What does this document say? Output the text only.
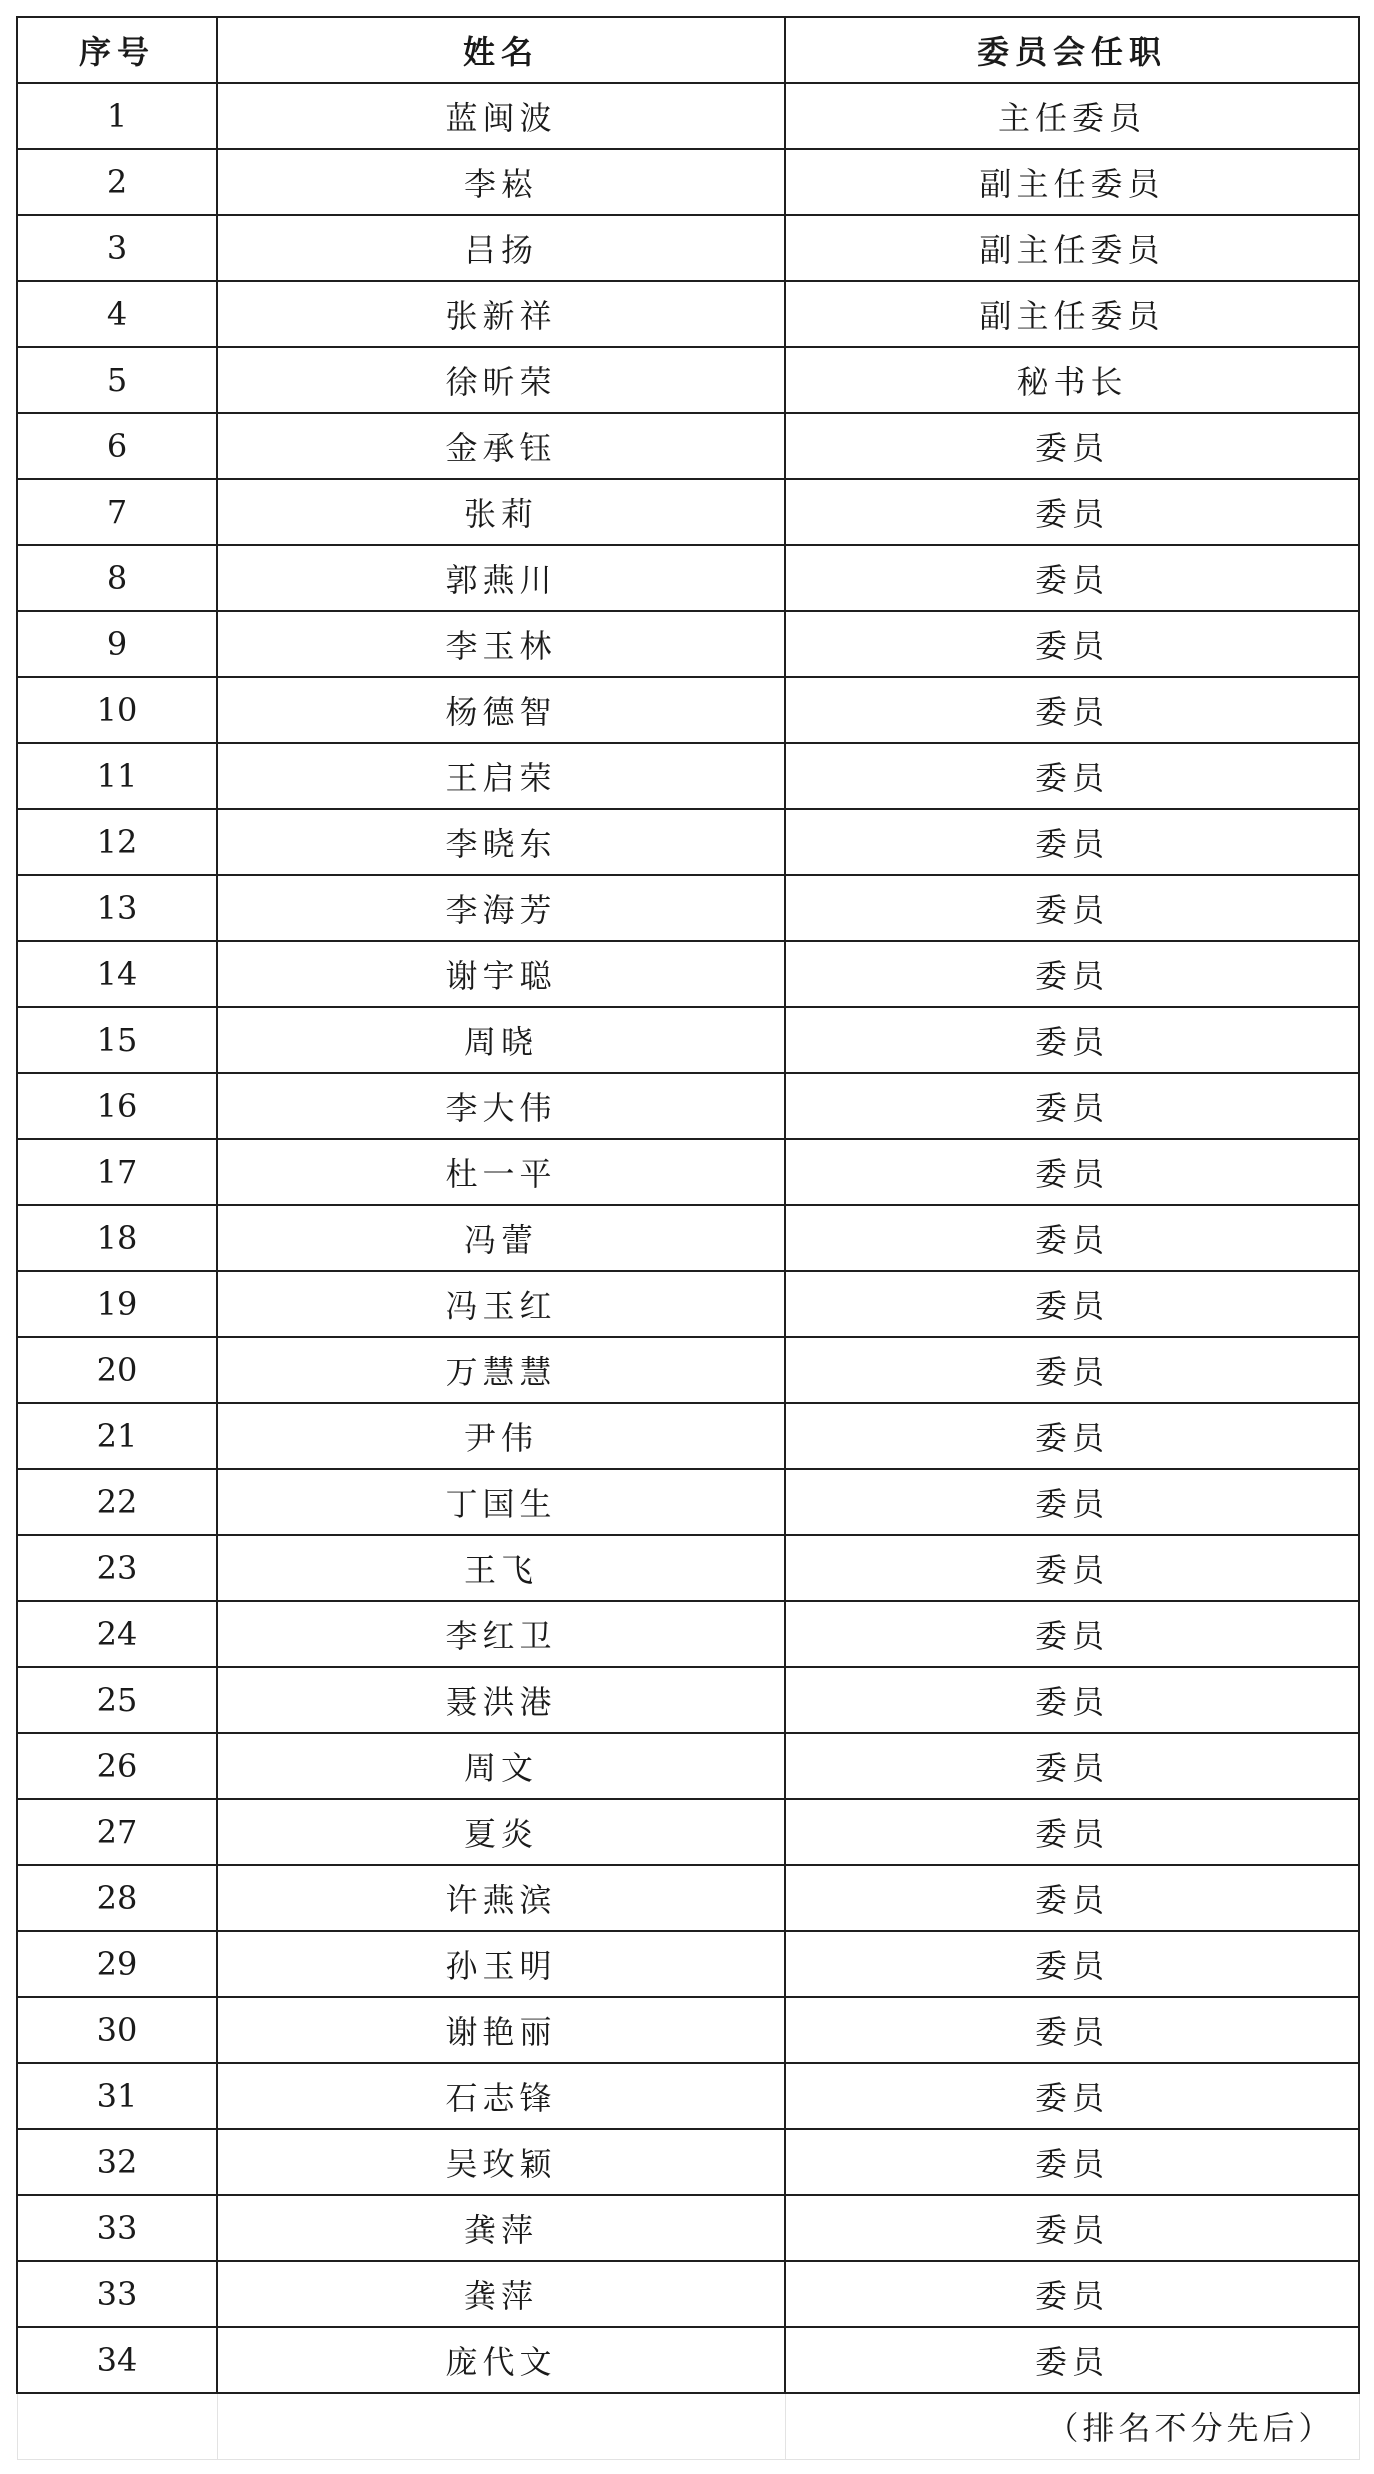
序号	姓名	委员会任职
1	蓝闽波	主任委员
2	李崧	副主任委员
3	吕扬	副主任委员
4	张新祥	副主任委员
5	徐昕荣	秘书长
6	金承钰	委员
7	张莉	委员
8	郭燕川	委员
9	李玉林	委员
10	杨德智	委员
11	王启荣	委员
12	李晓东	委员
13	李海芳	委员
14	谢宇聪	委员
15	周晓	委员
16	李大伟	委员
17	杜一平	委员
18	冯蕾	委员
19	冯玉红	委员
20	万慧慧	委员
21	尹伟	委员
22	丁国生	委员
23	王飞	委员
24	李红卫	委员
25	聂洪港	委员
26	周文	委员
27	夏炎	委员
28	许燕滨	委员
29	孙玉明	委员
30	谢艳丽	委员
31	石志锋	委员
32	吴玫颖	委员
33	龚萍	委员
33	龚萍	委员
34	庞代文	委员
		（排名不分先后）
